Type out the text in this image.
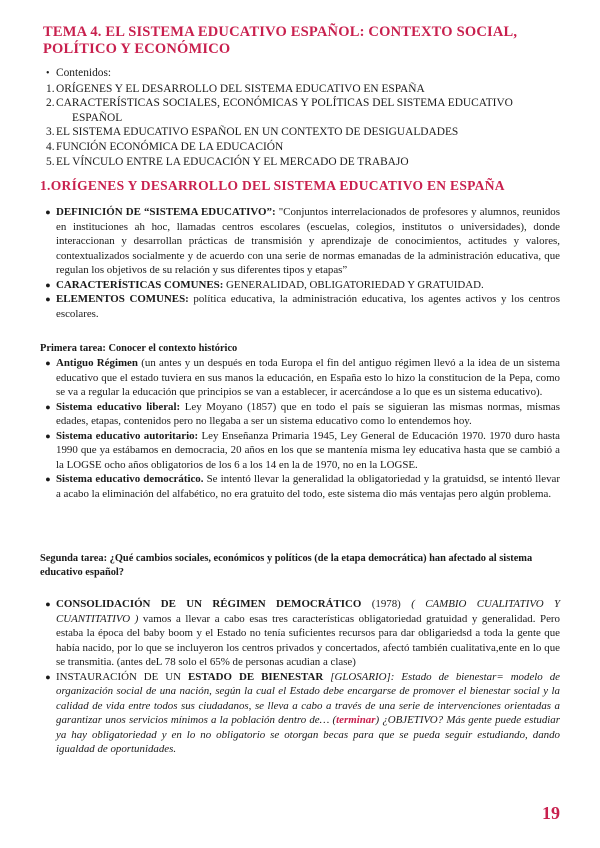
TEMA 4. EL SISTEMA EDUCATIVO ESPAÑOL: CONTEXTO SOCIAL, POLÍTICO Y ECONÓMICO
•
Contenidos:
1. ORÍGENES Y EL DESARROLLO DEL SISTEMA EDUCATIVO EN ESPAÑA
2. CARACTERÍSTICAS SOCIALES, ECONÓMICAS Y POLÍTICAS DEL SISTEMA EDUCATIVO
ESPAÑOL
3. EL SISTEMA EDUCATIVO ESPAÑOL EN UN CONTEXTO DE DESIGUALDADES
4. FUNCIÓN ECONÓMICA DE LA EDUCACIÓN
5. EL VÍNCULO ENTRE LA EDUCACIÓN Y EL MERCADO DE TRABAJO
1.ORÍGENES Y DESARROLLO DEL SISTEMA EDUCATIVO EN ESPAÑA
● DEFINICIÓN DE “SISTEMA EDUCATIVO”: "Conjuntos interrelacionados de profesores y alumnos, reunidos en instituciones ah hoc, llamadas centros escolares (escuelas, colegios, institutos o universidades), donde interaccionan y desarrollan prácticas de transmisión y aprendizaje de conocimientos, actitudes y valores, contextualizados socialmente y de acuerdo con una serie de normas emanadas de la administración educativa, que regulan los objetivos de su relación y sus diferentes tipos y etapas”
● CARACTERÍSTICAS COMUNES: GENERALIDAD, OBLIGATORIEDAD Y GRATUIDAD.
● ELEMENTOS COMUNES: política educativa, la administración educativa, los agentes activos y los centros escolares.
Primera tarea: Conocer el contexto histórico
● Antiguo Régimen (un antes y un después en toda Europa el fin del antiguo régimen llevó a la idea de un sistema educativo que el estado tuviera en sus manos la educación, en España esto lo hizo la constitucion de la Pepa, como se va a regular la educación que principios se van a establecer, ir acercándose a lo que es un sistema educativo).
● Sistema educativo liberal: Ley Moyano (1857) que en todo el país se siguieran las mismas normas, mismas edades, etapas, contenidos pero no llegaba a ser un sistema educativo como lo entendemos hoy.
● Sistema educativo autoritario: Ley Enseñanza Primaria 1945, Ley General de Educación 1970. 1970 duro hasta 1990 que ya estábamos en democracia, 20 años en los que se mantenía misma ley educativa hasta que se cambió a la LOGSE ocho años obligatorios de los 6 a los 14 en la de 1970, no en la LOGSE.
● Sistema educativo democrático. Se intentó llevar la generalidad la obligatoriedad y la gratuidsd, se intentó llevar a acabo la eliminación del alfabético, no era gratuito del todo, este sistema dio más ventajas pero algún problema.
Segunda tarea: ¿Qué cambios sociales, económicos y políticos (de la etapa democrática) han afectado al sistema educativo español?
● CONSOLIDACIÓN DE UN RÉGIMEN DEMOCRÁTICO (1978) ( CAMBIO CUALITATIVO Y CUANTITATIVO ) vamos a llevar a cabo esas tres características obligatoriedad gratuidad y generalidad. Pero estaba la época del baby boom y el Estado no tenía suficientes recursos para dar obligariedsd a toda la gente que había nacido, por lo que se incluyeron los centros privados y concertados, afectó también cualitativa,ente en lo que se transmitia. (antes deL 78 solo el 65% de personas acudian a clase)
● INSTAURACIÓN DE UN ESTADO DE BIENESTAR [GLOSARIO]: Estado de bienestar= modelo de organización social de una nación, según la cual el Estado debe encargarse de promover el bienestar social y la calidad de vida entre todos sus ciudadanos, se lleva a cabo a través de una serie de intervenciones orientadas a garantizar unos servicios mínimos a la población dentro de… (terminar) ¿OBJETIVO? Más gente puede estudiar ya hay obligatoriedad y en lo no obligatorio se otorgan becas para que se pueda seguir estudiando, dando igualdad de oportunidades.
19
